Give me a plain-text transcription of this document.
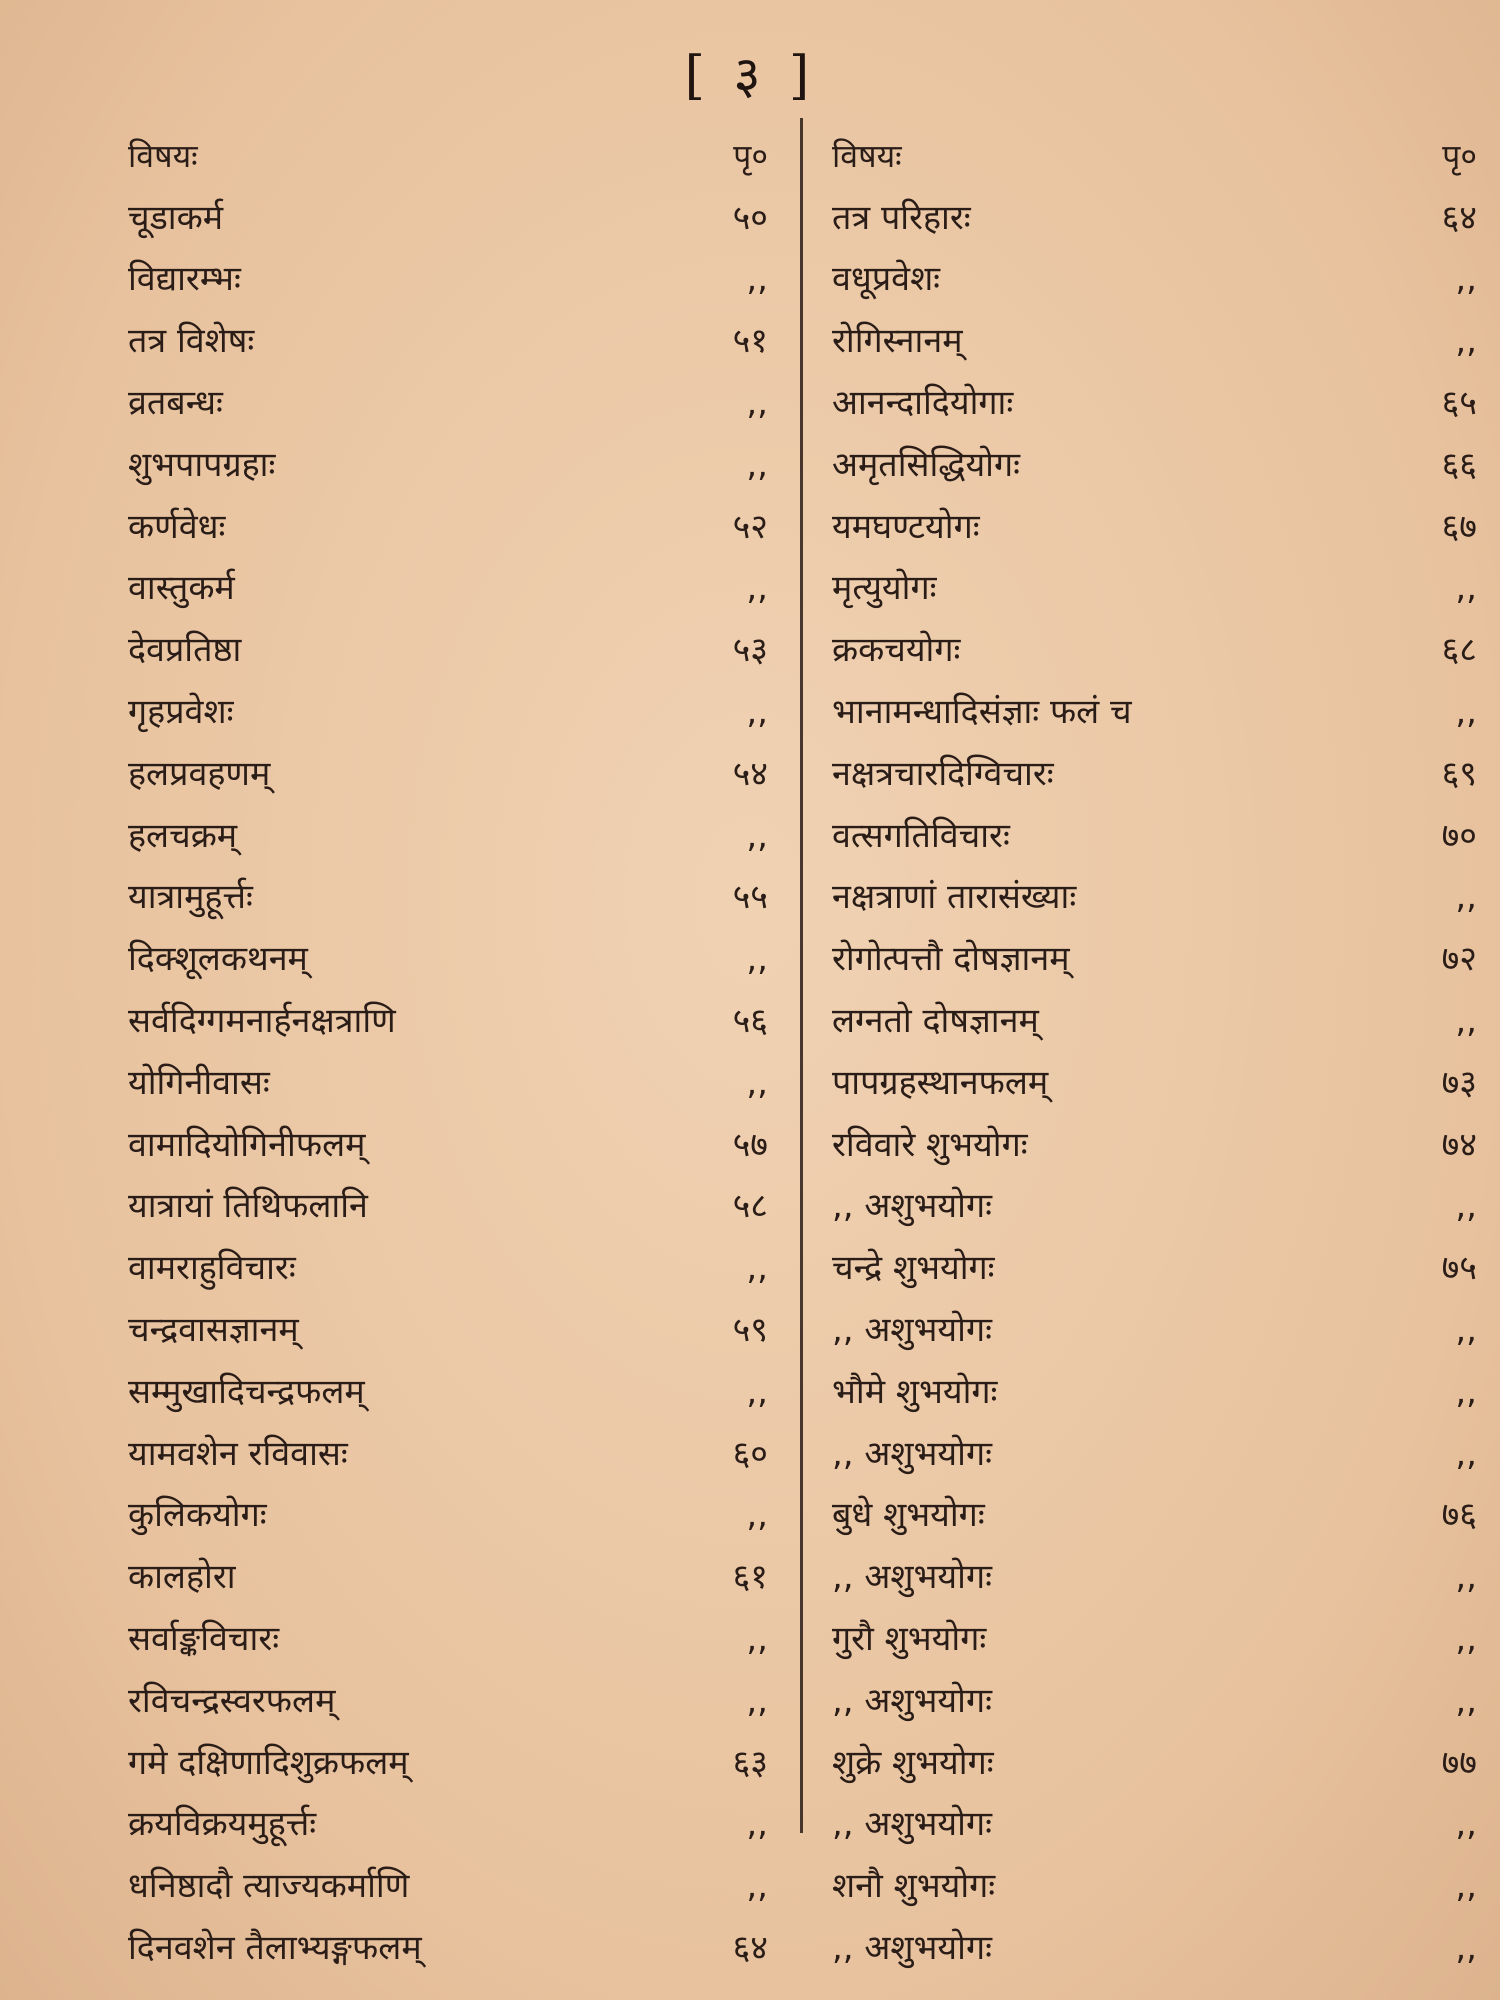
[ ३ ]
विषयः	पृ०
चूडाकर्म	५०
विद्यारम्भः	,,
तत्र विशेषः	५१
व्रतबन्धः	,,
शुभपापग्रहाः	,,
कर्णवेधः	५२
वास्तुकर्म	,,
देवप्रतिष्ठा	५३
गृहप्रवेशः	,,
हलप्रवहणम्	५४
हलचक्रम्	,,
यात्रामुहूर्त्तः	५५
दिक्शूलकथनम्	,,
सर्वदिग्गमनार्हनक्षत्राणि	५६
योगिनीवासः	,,
वामादियोगिनीफलम्	५७
यात्रायां तिथिफलानि	५८
वामराहुविचारः	,,
चन्द्रवासज्ञानम्	५९
सम्मुखादिचन्द्रफलम्	,,
यामवशेन रविवासः	६०
कुलिकयोगः	,,
कालहोरा	६१
सर्वाङ्कविचारः	,,
रविचन्द्रस्वरफलम्	,,
गमे दक्षिणादिशुक्रफलम्	६३
क्रयविक्रयमुहूर्त्तः	,,
धनिष्ठादौ त्याज्यकर्माणि	,,
दिनवशेन तैलाभ्यङ्गफलम्	६४
विषयः	पृ०
तत्र परिहारः	६४
वधूप्रवेशः	,,
रोगिस्नानम्	,,
आनन्दादियोगाः	६५
अमृतसिद्धियोगः	६६
यमघण्टयोगः	६७
मृत्युयोगः	,,
क्रकचयोगः	६८
भानामन्धादिसंज्ञाः फलं च	,,
नक्षत्रचारदिग्विचारः	६९
वत्सगतिविचारः	७०
नक्षत्राणां तारासंख्याः	,,
रोगोत्पत्तौ दोषज्ञानम्	७२
लग्नतो दोषज्ञानम्	,,
पापग्रहस्थानफलम्	७३
रविवारे शुभयोगः	७४
,, अशुभयोगः	,,
चन्द्रे शुभयोगः	७५
,, अशुभयोगः	,,
भौमे शुभयोगः	,,
,, अशुभयोगः	,,
बुधे शुभयोगः	७६
,, अशुभयोगः	,,
गुरौ शुभयोगः	,,
,, अशुभयोगः	,,
शुक्रे शुभयोगः	७७
,, अशुभयोगः	,,
शनौ शुभयोगः	,,
,, अशुभयोगः	,,
